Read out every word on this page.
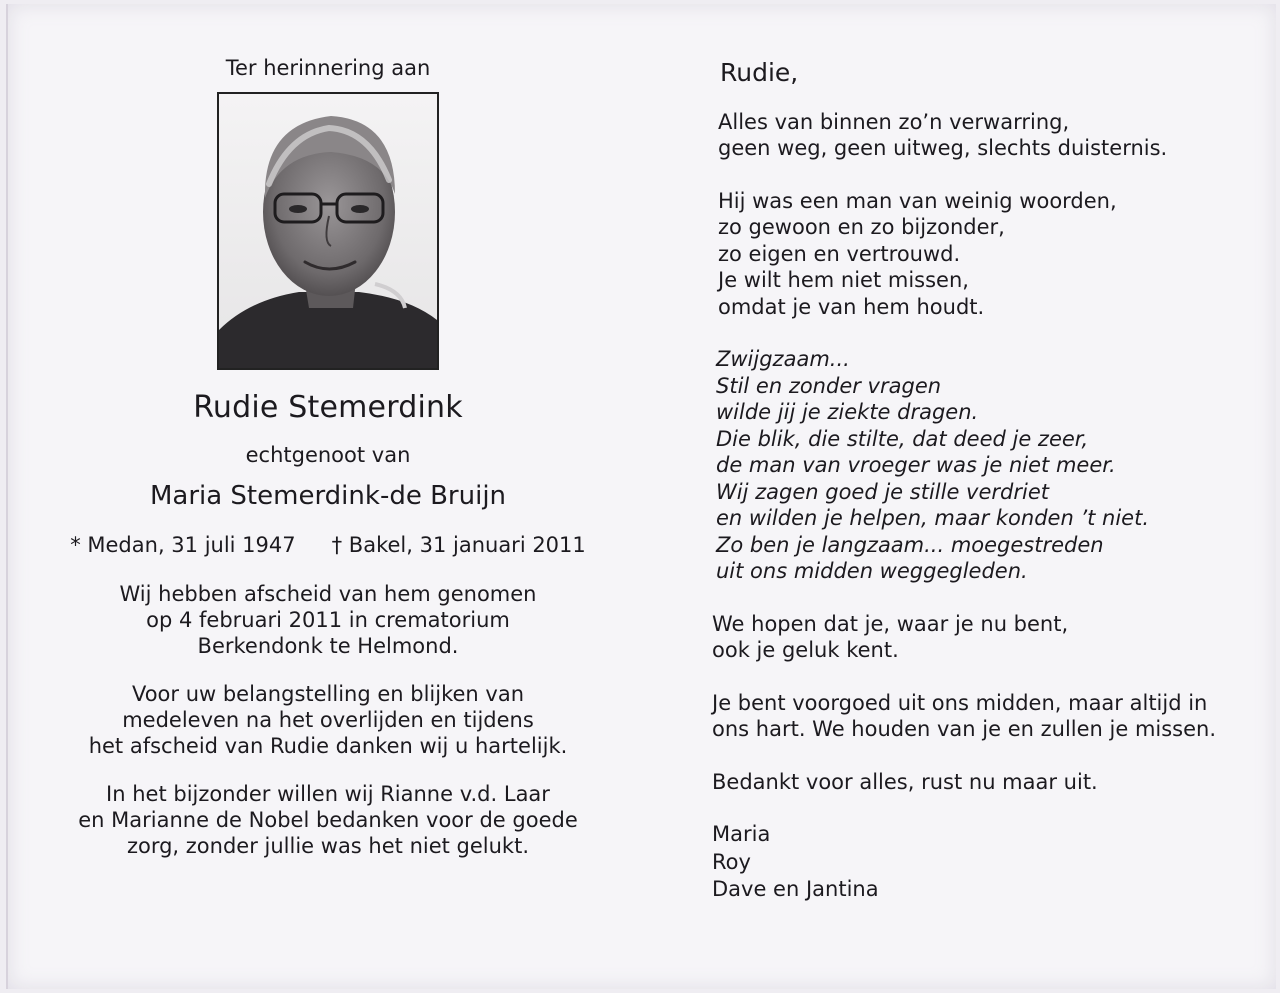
Ter herinnering aan
Rudie Stemerdink
echtgenoot van
Maria Stemerdink-de Bruijn
* Medan, 31 juli 1947 † Bakel, 31 januari 2011
Wij hebben afscheid van hem genomen
op 4 februari 2011 in crematorium
Berkendonk te Helmond.
Voor uw belangstelling en blijken van
medeleven na het overlijden en tijdens
het afscheid van Rudie danken wij u hartelijk.
In het bijzonder willen wij Rianne v.d. Laar
en Marianne de Nobel bedanken voor de goede
zorg, zonder jullie was het niet gelukt.
Rudie,
Alles van binnen zo’n verwarring,
geen weg, geen uitweg, slechts duisternis.
Hij was een man van weinig woorden,
zo gewoon en zo bijzonder,
zo eigen en vertrouwd.
Je wilt hem niet missen,
omdat je van hem houdt.
Zwijgzaam...
Stil en zonder vragen
wilde jij je ziekte dragen.
Die blik, die stilte, dat deed je zeer,
de man van vroeger was je niet meer.
Wij zagen goed je stille verdriet
en wilden je helpen, maar konden ’t niet.
Zo ben je langzaam... moegestreden
uit ons midden weggegleden.
We hopen dat je, waar je nu bent,
ook je geluk kent.
Je bent voorgoed uit ons midden, maar altijd in
ons hart. We houden van je en zullen je missen.
Bedankt voor alles, rust nu maar uit.
Maria
Roy
Dave en Jantina
